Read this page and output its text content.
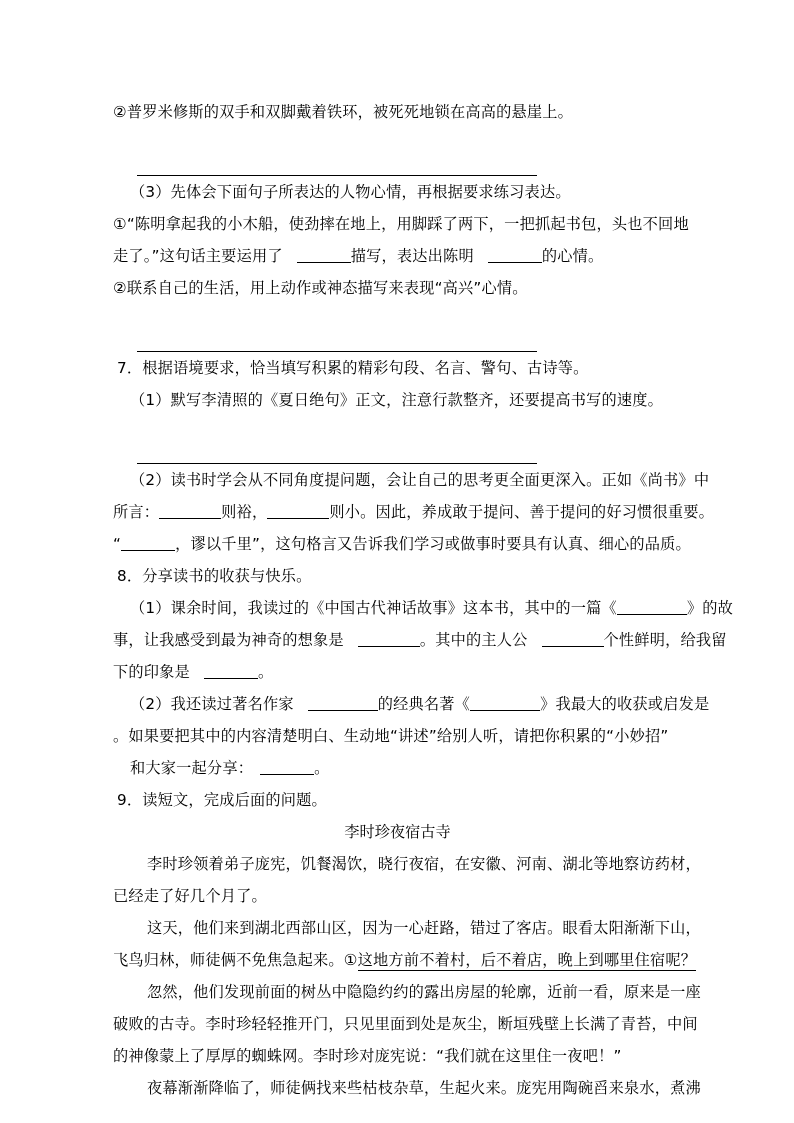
②普罗米修斯的双手和双脚戴着铁环，被死死地锁在高高的悬崖上。
（3）先体会下面句子所表达的人物心情，再根据要求练习表达。
①“陈明拿起我的小木船，使劲摔在地上，用脚踩了两下，一把抓起书包，头也不回地
走了。”这句话主要运用了	描写，表达出陈明	的心情。
②联系自己的生活，用上动作或神态描写来表现“高兴”心情。
7．根据语境要求，恰当填写积累的精彩句段、名言、警句、古诗等。
（1）默写李清照的《夏日绝句》正文，注意行款整齐，还要提高书写的速度。
（2）读书时学会从不同角度提问题，会让自己的思考更全面更深入。正如《尚书》中
所言：	则裕，	则小。因此，养成敢于提问、善于提问的好习惯很重要。
“	，谬以千里”，这句格言又告诉我们学习或做事时要具有认真、细心的品质。
8．分享读书的收获与快乐。
（1）课余时间，我读过的《中国古代神话故事》这本书，其中的一篇《	》的故
事，让我感受到最为神奇的想象是	。其中的主人公	个性鲜明，给我留
下的印象是	。
（2）我还读过著名作家	的经典名著《	》我最大的收获或启发是
。如果要把其中的内容清楚明白、生动地“讲述”给别人听，请把你积累的“小妙招”
和大家一起分享：	。
9．读短文，完成后面的问题。
李时珍夜宿古寺
李时珍领着弟子庞宪，饥餐渴饮，晓行夜宿，在安徽、河南、湖北等地察访药材，
已经走了好几个月了。
这天，他们来到湖北西部山区，因为一心赶路，错过了客店。眼看太阳渐渐下山，
飞鸟归林，师徒俩不免焦急起来。①这地方前不着村，后不着店，晚上到哪里住宿呢？
忽然，他们发现前面的树丛中隐隐约约的露出房屋的轮廓，近前一看，原来是一座
破败的古寺。李时珍轻轻推开门，只见里面到处是灰尘，断垣残壁上长满了青苔，中间
的神像蒙上了厚厚的蜘蛛网。李时珍对庞宪说：“我们就在这里住一夜吧！”
夜幕渐渐降临了，师徒俩找来些枯枝杂草，生起火来。庞宪用陶碗舀来泉水，煮沸
